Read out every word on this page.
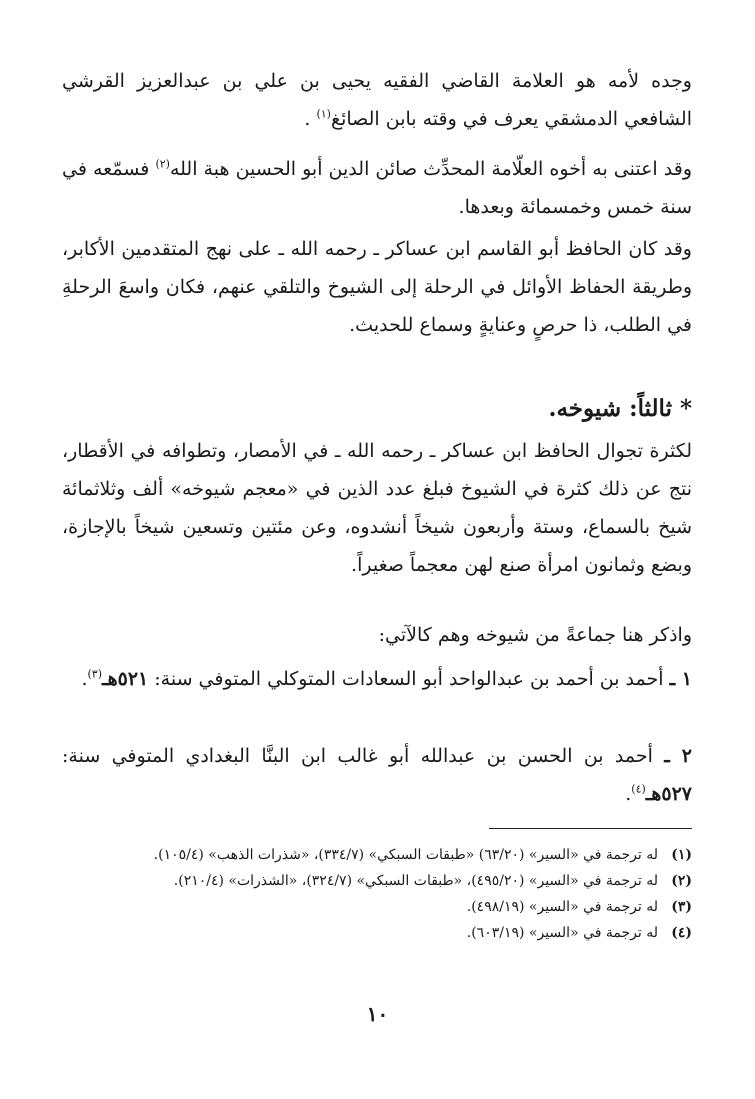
وجده لأمه هو العلامة القاضي الفقيه يحيى بن علي بن عبدالعزيز القرشي الشافعي الدمشقي يعرف في وقته بابن الصائغ$^{(١)}$ .

وقد اعتنى به أخوه العلّامة المحدِّث صائن الدين أبو الحسين هبة الله$^{(٢)}$ فسمّعه في سنة خمس وخمسمائة وبعدها.

وقد كان الحافظ أبو القاسم ابن عساكر ـ رحمه الله ـ على نهج المتقدمين الأكابر، وطريقة الحفاظ الأوائل في الرحلة إلى الشيوخ والتلقي عنهم، فكان واسعَ الرحلةِ في الطلب، ذا حرصٍ وعنايةٍ وسماع للحديث.

*ثالثاً: شيوخه.

لكثرة تجوال الحافظ ابن عساكر ـ رحمه الله ـ في الأمصار، وتطوافه في الأقطار، نتج عن ذلك كثرة في الشيوخ فبلغ عدد الذين في «معجم شيوخه» ألف وثلاثمائة شيخ بالسماع، وستة وأربعون شيخاً أنشدوه، وعن مئتين وتسعين شيخاً بالإجازة، وبضع وثمانون امرأة صنع لهن معجماً صغيراً.

واذكر هنا جماعةً من شيوخه وهم كالآتي:

١ ـ أحمد بن أحمد بن عبدالواحد أبو السعادات المتوكلي المتوفي سنة: ٥٢١هـ$^{(٣)}$.

٢ ـ أحمد بن الحسن بن عبدالله أبو غالب ابن البنَّا البغدادي المتوفي سنة: ٥٢٧هـ$^{(٤)}$.

(١)
له ترجمة في «السير» (٦٣/٢٠) «طبقات السبكي» (٣٣٤/٧)، «شذرات الذهب» (١٠٥/٤).
(٢)
له ترجمة في «السير» (٤٩٥/٢٠)، «طبقات السبكي» (٣٢٤/٧)، «الشذرات» (٢١٠/٤).
(٣)
له ترجمة في «السير» (٤٩٨/١٩).
(٤)
له ترجمة في «السير» (٦٠٣/١٩).
١٠
